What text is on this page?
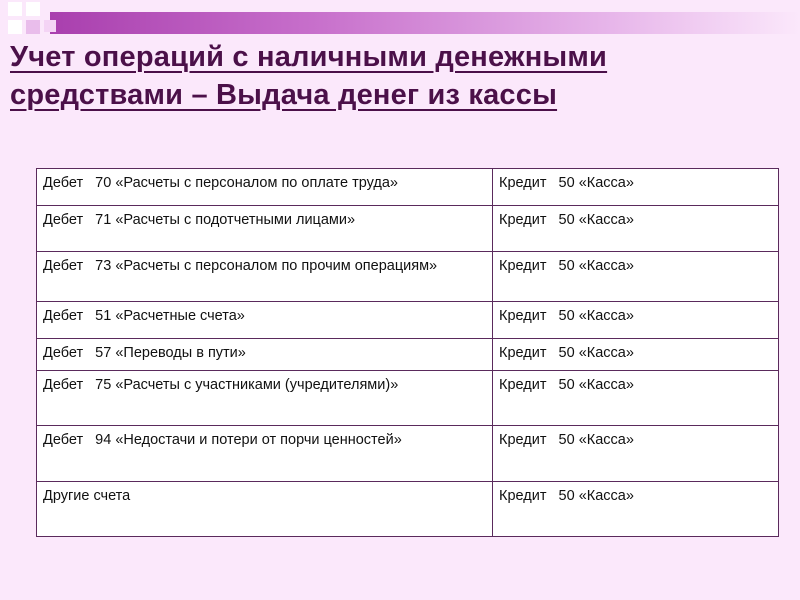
Учет операций с наличными денежными
средствами – Выдача денег из кассы
Дебет   70 «Расчеты с персоналом по оплате труда»	Кредит   50 «Касса»
Дебет   71 «Расчеты с подотчетными лицами»	Кредит   50 «Касса»
Дебет   73 «Расчеты с персоналом по прочим операциям»	Кредит   50 «Касса»
Дебет   51 «Расчетные счета»	Кредит   50 «Касса»
Дебет   57 «Переводы в пути»	Кредит   50 «Касса»
Дебет   75 «Расчеты с участниками (учредителями)»	Кредит   50 «Касса»
Дебет   94 «Недостачи и потери от порчи ценностей»	Кредит   50 «Касса»
Другие счета	Кредит   50 «Касса»
